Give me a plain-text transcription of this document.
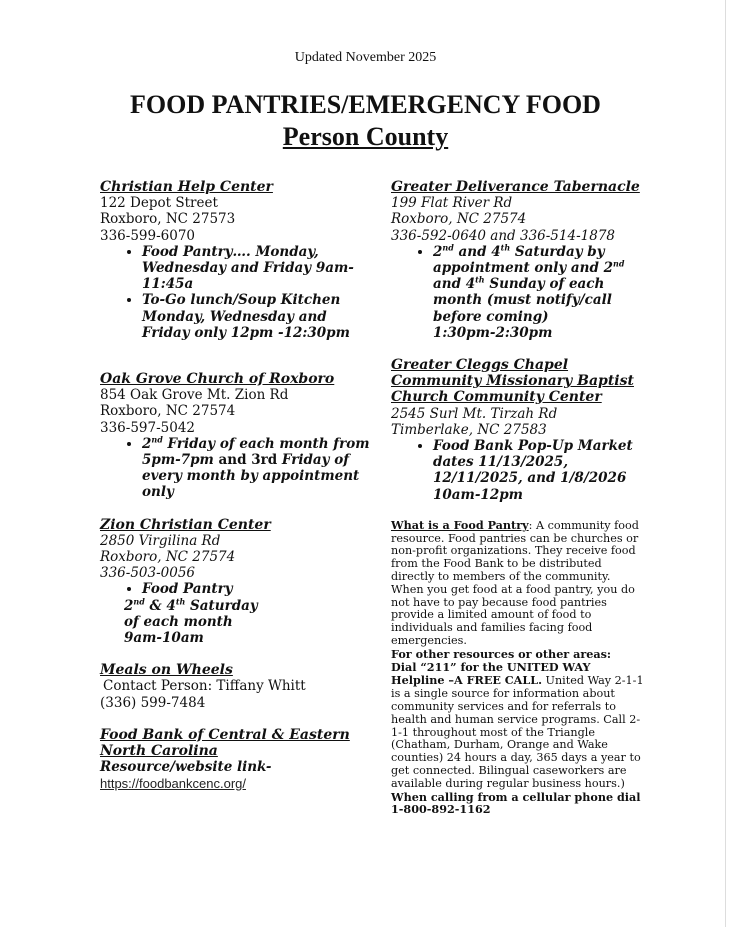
Updated November 2025
FOOD PANTRIES/EMERGENCY FOOD
Person County
Christian Help Center
122 Depot Street
Roxboro, NC 27573
336-599-6070
• Food Pantry…. Monday, Wednesday and Friday 9am-11:45a
• To-Go lunch/Soup Kitchen Monday, Wednesday and Friday only 12pm -12:30pm
Oak Grove Church of Roxboro
854 Oak Grove Mt. Zion Rd
Roxboro, NC 27574
336-597-5042
• 2nd Friday of each month from 5pm-7pm and 3rd Friday of every month by appointment only
Zion Christian Center
2850 Virgilina Rd
Roxboro, NC 27574
336-503-0056
• Food Pantry
2nd & 4th Saturday
of each month
9am-10am
Meals on Wheels
Contact Person: Tiffany Whitt
(336) 599-7484
Food Bank of Central & Eastern
North Carolina
Resource/website link-
https://foodbankcenc.org/
Greater Deliverance Tabernacle
199 Flat River Rd
Roxboro, NC 27574
336-592-0640 and 336-514-1878
• 2nd and 4th Saturday by appointment only and 2nd and 4th Sunday of each month (must notify/call before coming)
1:30pm-2:30pm
Greater Cleggs Chapel
Community Missionary Baptist
Church Community Center
2545 Surl Mt. Tirzah Rd
Timberlake, NC 27583
• Food Bank Pop-Up Market dates 11/13/2025, 12/11/2025, and 1/8/2026 10am-12pm
What is a Food Pantry: A community food resource. Food pantries can be churches or non-profit organizations. They receive food from the Food Bank to be distributed directly to members of the community. When you get food at a food pantry, you do not have to pay because food pantries provide a limited amount of food to individuals and families facing food emergencies.
For other resources or other areas:
Dial “211” for the UNITED WAY Helpline –A FREE CALL. United Way 2-1-1 is a single source for information about community services and for referrals to health and human service programs. Call 2-1-1 throughout most of the Triangle (Chatham, Durham, Orange and Wake counties) 24 hours a day, 365 days a year to get connected. Bilingual caseworkers are available during regular business hours.)
When calling from a cellular phone dial 1-800-892-1162
